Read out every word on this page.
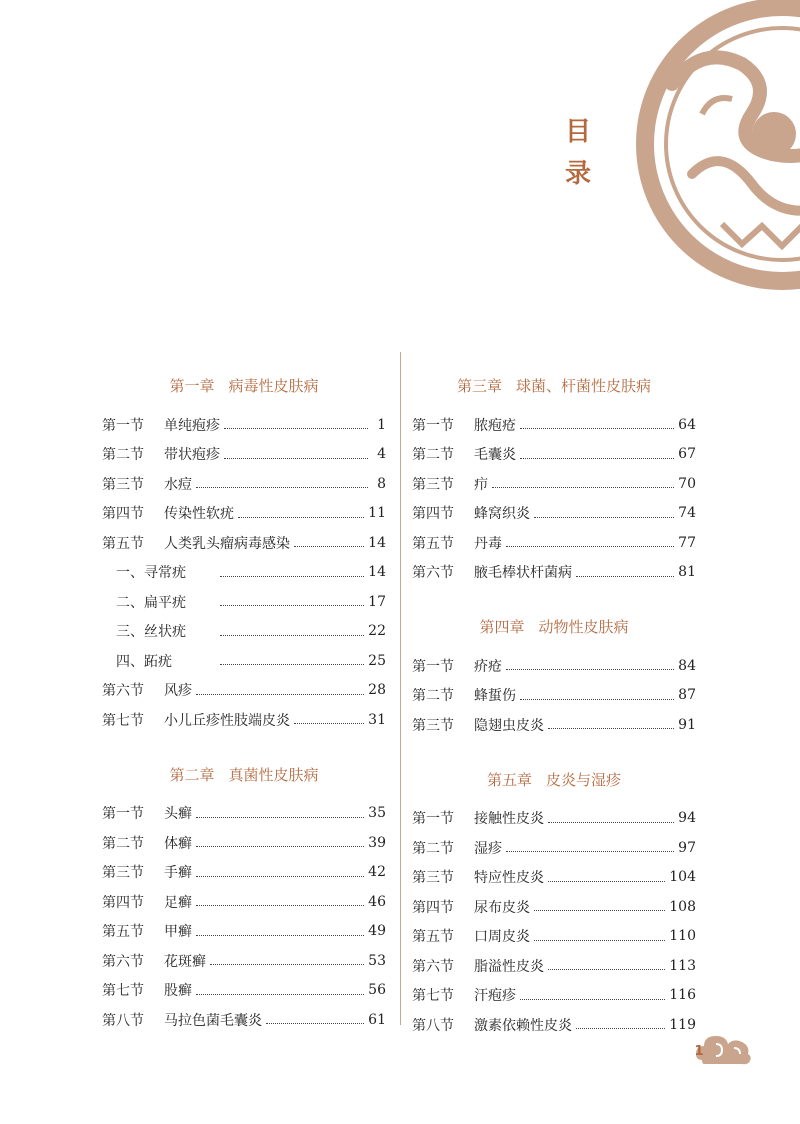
目
录
第一章 病毒性皮肤病
第一节	单纯疱疹	1
第二节	带状疱疹	4
第三节	水痘	8
第四节	传染性软疣	11
第五节	人类乳头瘤病毒感染	14
一、寻常疣	14
二、扁平疣	17
三、丝状疣	22
四、跖疣	25
第六节	风疹	28
第七节	小儿丘疹性肢端皮炎	31
第二章 真菌性皮肤病
第一节	头癣	35
第二节	体癣	39
第三节	手癣	42
第四节	足癣	46
第五节	甲癣	49
第六节	花斑癣	53
第七节	股癣	56
第八节	马拉色菌毛囊炎	61
第三章 球菌、杆菌性皮肤病
第一节	脓疱疮	64
第二节	毛囊炎	67
第三节	疖	70
第四节	蜂窝织炎	74
第五节	丹毒	77
第六节	腋毛棒状杆菌病	81
第四章 动物性皮肤病
第一节	疥疮	84
第二节	蜂蜇伤	87
第三节	隐翅虫皮炎	91
第五章 皮炎与湿疹
第一节	接触性皮炎	94
第二节	湿疹	97
第三节	特应性皮炎	104
第四节	尿布皮炎	108
第五节	口周皮炎	110
第六节	脂溢性皮炎	113
第七节	汗疱疹	116
第八节	激素依赖性皮炎	119
1
